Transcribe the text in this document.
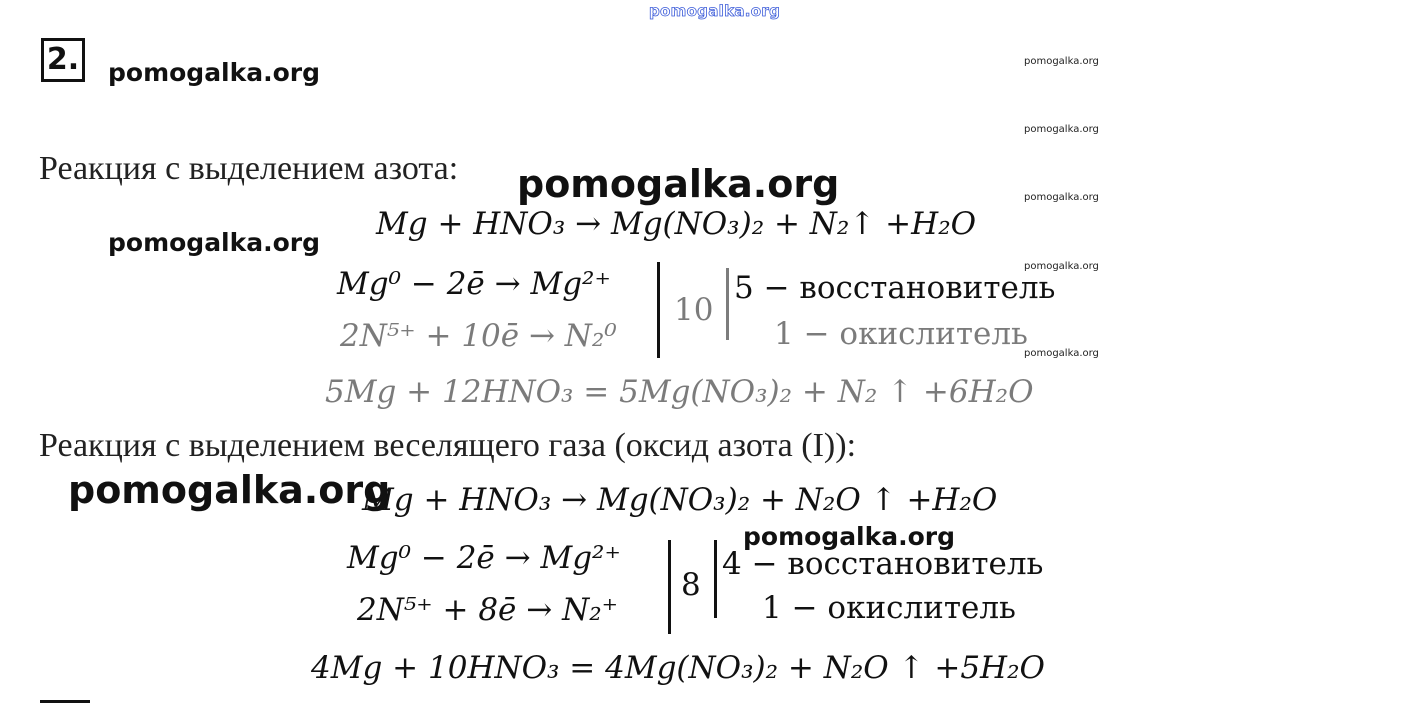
pomogalka.org
2. pomogalka.org	pomogalka.org
pomogalka.org
pomogalka.org
pomogalka.org
pomogalka.org
Реакция с выделением азота: pomogalka.org
pomogalka.org
Mg + HNO₃ → Mg(NO₃)₂ + N₂↑ +H₂O
Mg⁰ − 2ē → Mg²⁺
2N⁵⁺ + 10ē → N₂⁰
10
5 − восстановитель
1 − окислитель
5Mg + 12HNO₃ = 5Mg(NO₃)₂ + N₂ ↑ +6H₂O
Реакция с выделением веселящего газа (оксид азота (I)):
pomogalka.org
Mg + HNO₃ → Mg(NO₃)₂ + N₂O ↑ +H₂O
pomogalka.org
Mg⁰ − 2ē → Mg²⁺
2N⁵⁺ + 8ē → N₂⁺
8
4 − восстановитель
1 − окислитель
4Mg + 10HNO₃ = 4Mg(NO₃)₂ + N₂O ↑ +5H₂O
